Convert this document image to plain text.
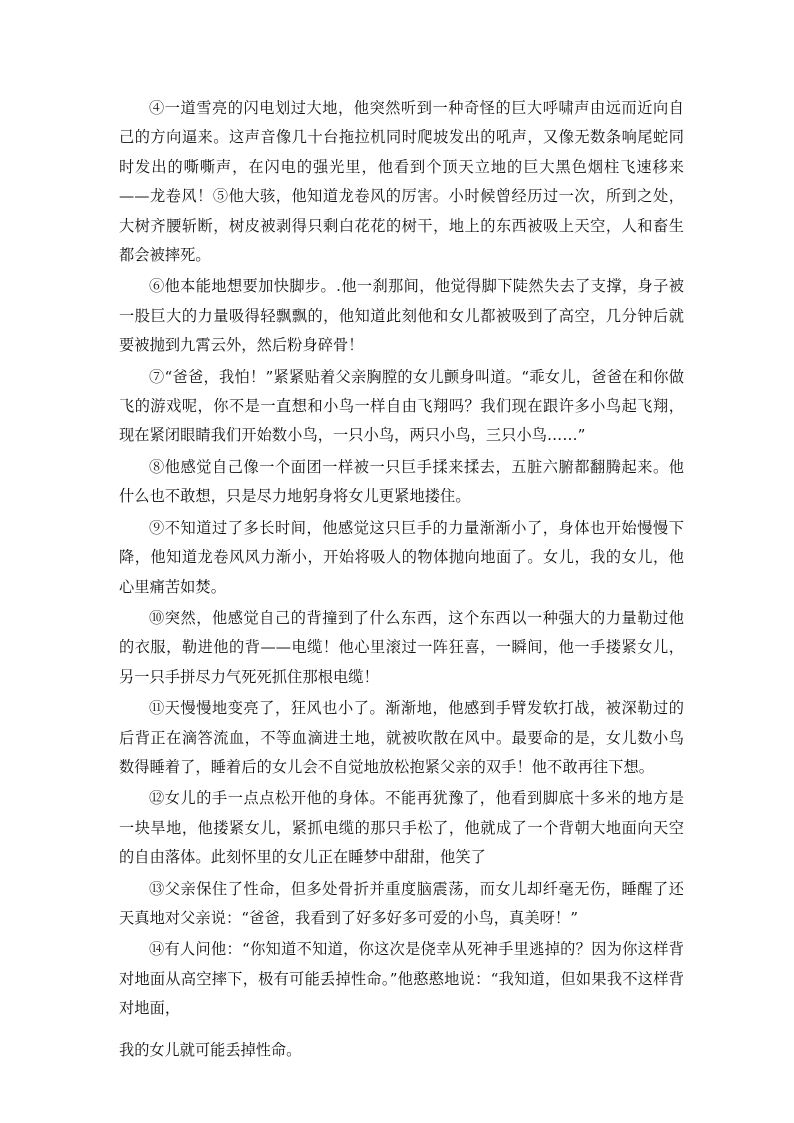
④一道雪亮的闪电划过大地，他突然听到一种奇怪的巨大呼啸声由远而近向自己的方向逼来。这声音像几十台拖拉机同时爬坡发出的吼声，又像无数条响尾蛇同时发出的嘶嘶声，在闪电的强光里，他看到个顶天立地的巨大黑色烟柱飞速移来——龙卷风！⑤他大骇，他知道龙卷风的厉害。小时候曾经历过一次，所到之处，大树齐腰斩断，树皮被剥得只剩白花花的树干，地上的东西被吸上天空，人和畜生都会被摔死。

⑥他本能地想要加快脚步。.他一刹那间，他觉得脚下陡然失去了支撑，身子被一股巨大的力量吸得轻飘飘的，他知道此刻他和女儿都被吸到了高空，几分钟后就要被抛到九霄云外，然后粉身碎骨！

⑦“爸爸，我怕！”紧紧贴着父亲胸膛的女儿颤身叫道。“乖女儿，爸爸在和你做飞的游戏呢，你不是一直想和小鸟一样自由飞翔吗？我们现在跟许多小鸟起飞翔，现在紧闭眼睛我们开始数小鸟，一只小鸟，两只小鸟，三只小鸟……”

⑧他感觉自己像一个面团一样被一只巨手揉来揉去，五脏六腑都翻腾起来。他什么也不敢想，只是尽力地躬身将女儿更紧地搂住。

⑨不知道过了多长时间，他感觉这只巨手的力量渐渐小了，身体也开始慢慢下降，他知道龙卷风风力渐小，开始将吸人的物体抛向地面了。女儿，我的女儿，他心里痛苦如焚。

⑩突然，他感觉自己的背撞到了什么东西，这个东西以一种强大的力量勒过他的衣服，勒进他的背——电缆！他心里滚过一阵狂喜，一瞬间，他一手搂紧女儿，另一只手拼尽力气死死抓住那根电缆！

⑪天慢慢地变亮了，狂风也小了。渐渐地，他感到手臂发软打战，被深勒过的后背正在滴答流血，不等血滴进土地，就被吹散在风中。最要命的是，女儿数小鸟数得睡着了，睡着后的女儿会不自觉地放松抱紧父亲的双手！他不敢再往下想。

⑫女儿的手一点点松开他的身体。不能再犹豫了，他看到脚底十多米的地方是一块旱地，他搂紧女儿，紧抓电缆的那只手松了，他就成了一个背朝大地面向天空的自由落体。此刻怀里的女儿正在睡梦中甜甜，他笑了

⑬父亲保住了性命，但多处骨折并重度脑震荡，而女儿却纤毫无伤，睡醒了还天真地对父亲说：“爸爸，我看到了好多好多可爱的小鸟，真美呀！”

⑭有人问他：“你知道不知道，你这次是侥幸从死神手里逃掉的？因为你这样背对地面从高空摔下，极有可能丢掉性命。”他憨憨地说：“我知道，但如果我不这样背对地面，

我的女儿就可能丢掉性命。
